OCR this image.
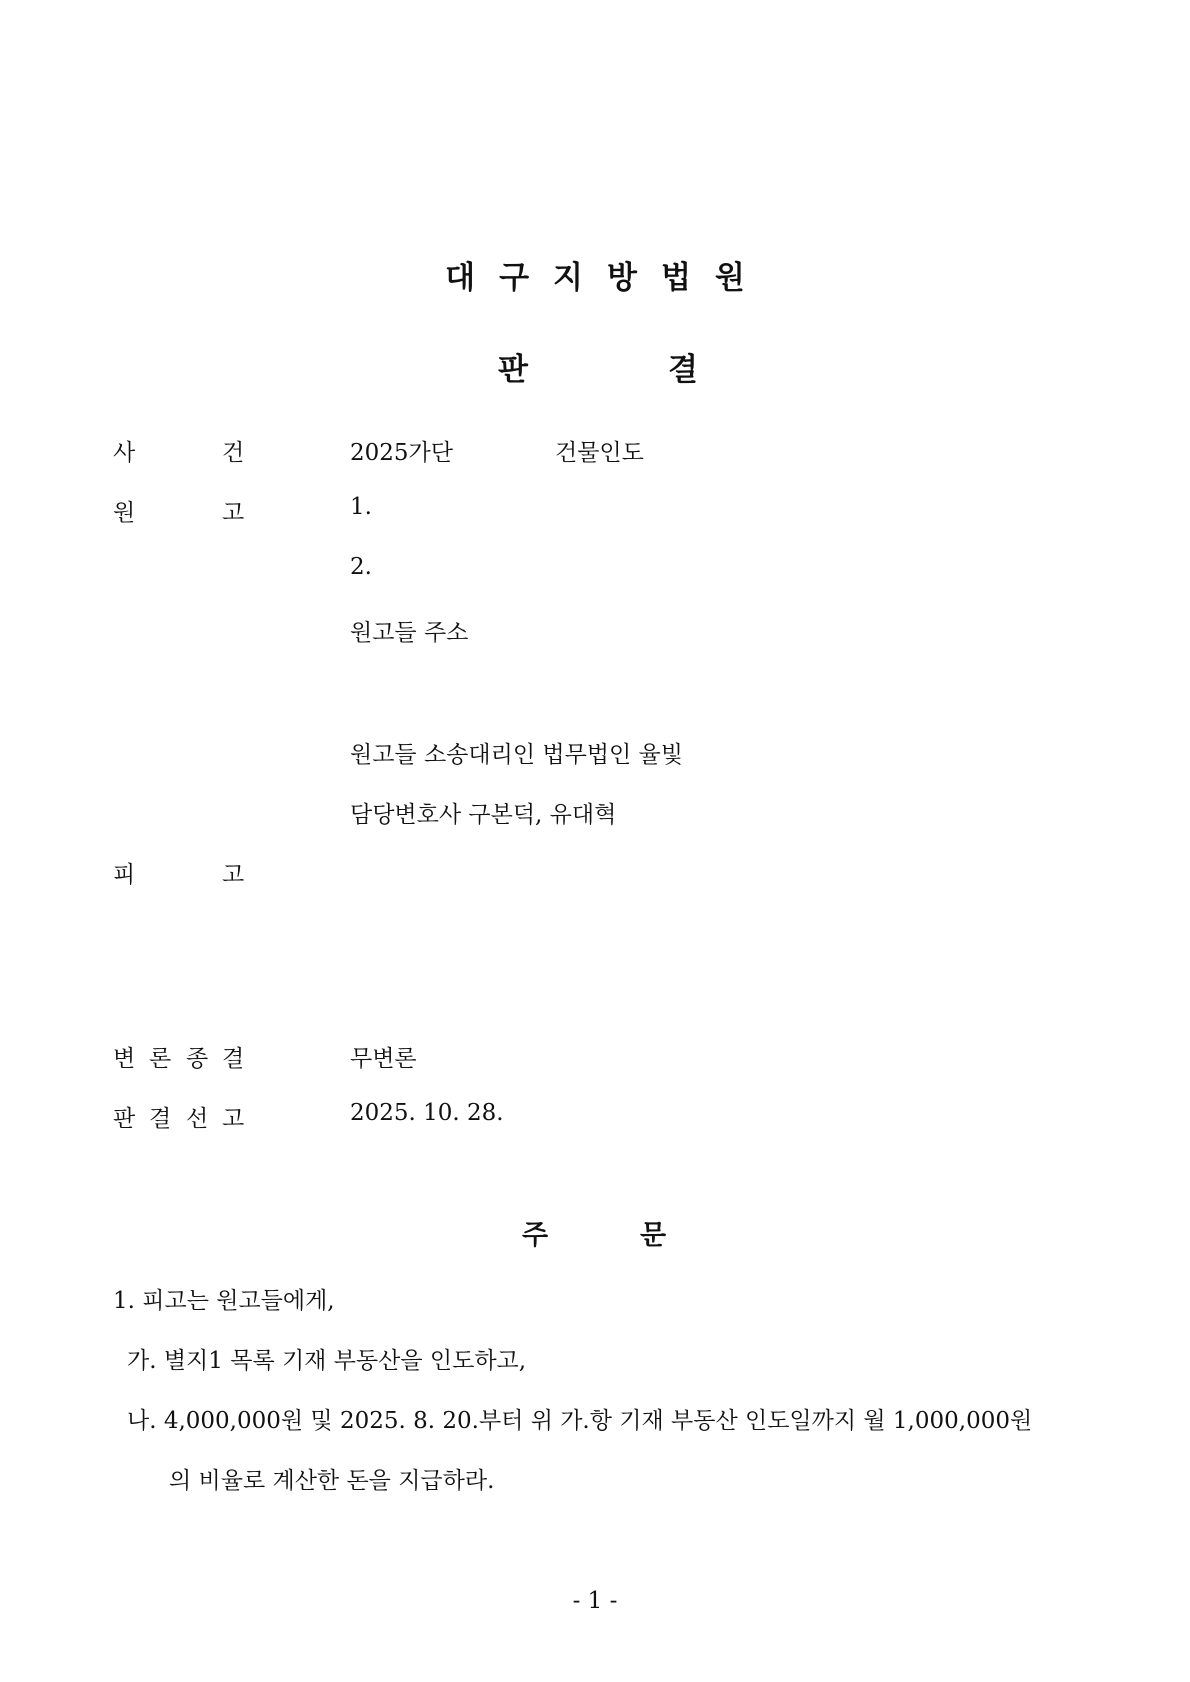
대구지방법원
판	결
사	건	2025가단	건물인도
원	고	1.
2.
원고들 주소
원고들 소송대리인 법무법인 율빛
담당변호사 구본덕, 유대혁
피	고
변 론 종 결	무변론
판 결 선 고	2025. 10. 28.
주	문
1. 피고는 원고들에게,
가. 별지1 목록 기재 부동산을 인도하고,
나. 4,000,000원 및 2025. 8. 20.부터 위 가.항 기재 부동산 인도일까지 월 1,000,000원
의 비율로 계산한 돈을 지급하라.
- 1 -
